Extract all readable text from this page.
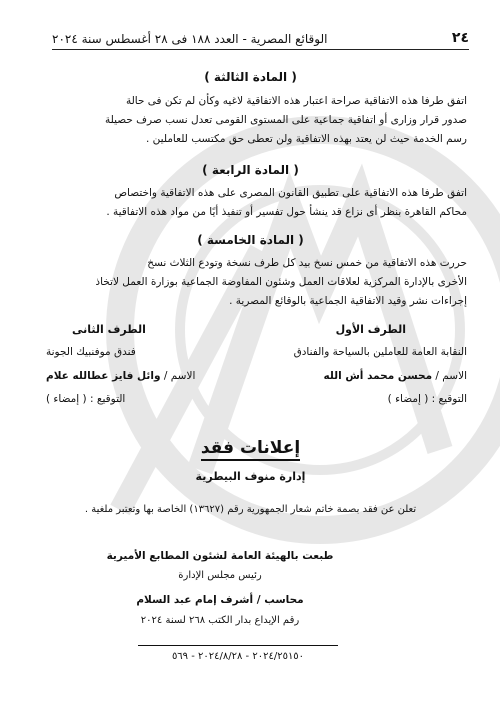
٢٤
الوقائع المصرية - العدد ١٨٨ فى ٢٨ أغسطس سنة ٢٠٢٤
( المادة الثالثة )

اتفق طرفا هذه الاتفاقية صراحة اعتبار هذه الاتفاقية لاغيه وكأن لم تكن فى حالة
صدور قرار وزارى أو اتفاقية جماعية على المستوى القومى تعدل نسب صرف حصيلة
رسم الخدمة حيث لن يعتد بهذه الاتفاقية ولن تعطى حق مكتسب للعاملين .

( المادة الرابعة )

اتفق طرفا هذه الاتفاقية على تطبيق القانون المصرى على هذه الاتفاقية واختصاص
محاكم القاهرة بنظر أى نزاع قد ينشأ حول تفسير أو تنفيذ أيًا من مواد هذه الاتفاقية .

( المادة الخامسة )

حررت هذه الاتفاقية من خمس نسخ بيد كل طرف نسخة وتودع الثلاث نسخ
الأخرى بالإدارة المركزية لعلاقات العمل وشئون المفاوضة الجماعية بوزارة العمل لاتخاذ
إجراءات نشر وقيد الاتفاقية الجماعية بالوقائع المصرية .

الطرف الأول
النقابة العامة للعاملين بالسياحة والفنادق
الاسم / محسن محمد أش الله
التوقيع : ( إمضاء )
الطرف الثانى
فندق موفنبيك الجونة
الاسم / وائل فايز عطالله علام
التوقيع : ( إمضاء )
إعلانات فقد
إدارة منوف البيطرية
تعلن عن فقد بصمة خاتم شعار الجمهورية رقم (١٣٦٢٧) الخاصة بها وتعتبر ملغية .
طبعت بالهيئة العامة لشئون المطابع الأميرية
رئيس مجلس الإدارة
محاسب / أشرف إمام عبد السلام
رقم الإيداع بدار الكتب ٢٦٨ لسنة ٢٠٢٤
٢٠٢٤/٢٥١٥٠ - ٢٠٢٤/٨/٢٨ - ٥٦٩
